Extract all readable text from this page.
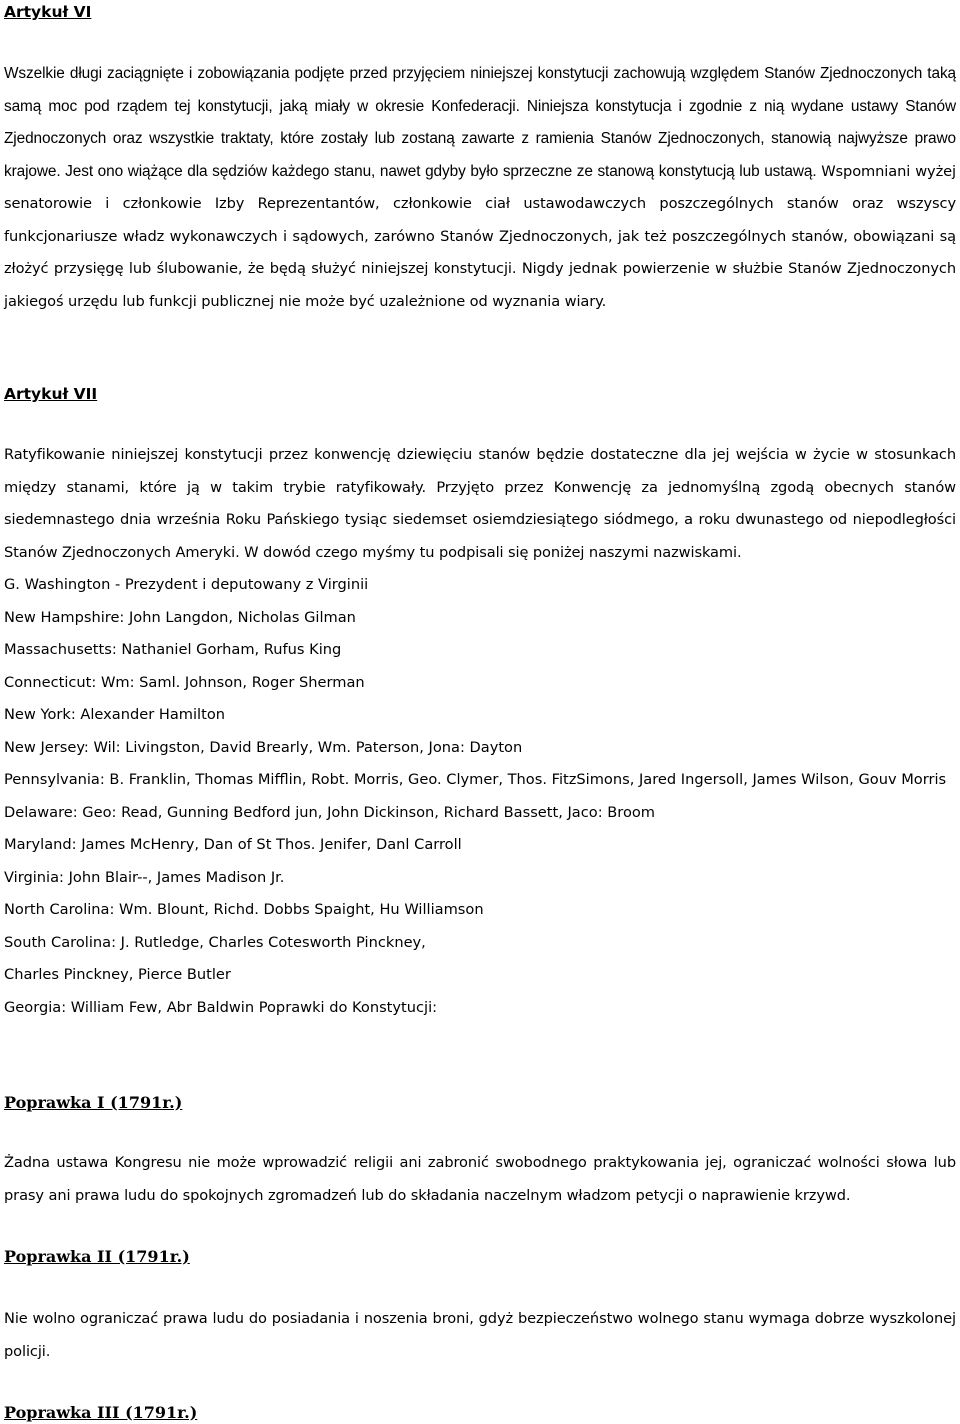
Artykuł VI
Wszelkie długi zaciągnięte i zobowiązania podjęte przed przyjęciem niniejszej konstytucji zachowują względem Stanów Zjednoczonych taką samą moc pod rządem tej konstytucji, jaką miały w okresie Konfederacji. Niniejsza konstytucja i zgodnie z nią wydane ustawy Stanów Zjednoczonych oraz wszystkie traktaty, które zostały lub zostaną zawarte z ramienia Stanów Zjednoczonych, stanowią najwyższe prawo krajowe. Jest ono wiążące dla sędziów każdego stanu, nawet gdyby było sprzeczne ze stanową konstytucją lub ustawą. Wspomniani wyżej senatorowie i członkowie Izby Reprezentantów, członkowie ciał ustawodawczych poszczególnych stanów oraz wszyscy funkcjonariusze władz wykonawczych i sądowych, zarówno Stanów Zjednoczonych, jak też poszczególnych stanów, obowiązani są złożyć przysięgę lub ślubowanie, że będą służyć niniejszej konstytucji. Nigdy jednak powierzenie w służbie Stanów Zjednoczonych jakiegoś urzędu lub funkcji publicznej nie może być uzależnione od wyznania wiary.
Artykuł VII
Ratyfikowanie niniejszej konstytucji przez konwencję dziewięciu stanów będzie dostateczne dla jej wejścia w życie w stosunkach między stanami, które ją w takim trybie ratyfikowały. Przyjęto przez Konwencję za jednomyślną zgodą obecnych stanów siedemnastego dnia września Roku Pańskiego tysiąc siedemset osiemdziesiątego siódmego, a roku dwunastego od niepodległości Stanów Zjednoczonych Ameryki. W dowód czego myśmy tu podpisali się poniżej naszymi nazwiskami.
G. Washington - Prezydent i deputowany z Virginii
New Hampshire: John Langdon, Nicholas Gilman
Massachusetts: Nathaniel Gorham, Rufus King
Connecticut: Wm: Saml. Johnson, Roger Sherman
New York: Alexander Hamilton
New Jersey: Wil: Livingston, David Brearly, Wm. Paterson, Jona: Dayton
Pennsylvania: B. Franklin, Thomas Mifflin, Robt. Morris, Geo. Clymer, Thos. FitzSimons, Jared Ingersoll, James Wilson, Gouv Morris
Delaware: Geo: Read, Gunning Bedford jun, John Dickinson, Richard Bassett, Jaco: Broom
Maryland: James McHenry, Dan of St Thos. Jenifer, Danl Carroll
Virginia: John Blair--, James Madison Jr.
North Carolina: Wm. Blount, Richd. Dobbs Spaight, Hu Williamson
South Carolina: J. Rutledge, Charles Cotesworth Pinckney,
Charles Pinckney, Pierce Butler
Georgia: William Few, Abr Baldwin Poprawki do Konstytucji:
Poprawka I (1791r.)
Żadna ustawa Kongresu nie może wprowadzić religii ani zabronić swobodnego praktykowania jej, ograniczać wolności słowa lub prasy ani prawa ludu do spokojnych zgromadzeń lub do składania naczelnym władzom petycji o naprawienie krzywd.
Poprawka II (1791r.)
Nie wolno ograniczać prawa ludu do posiadania i noszenia broni, gdyż bezpieczeństwo wolnego stanu wymaga dobrze wyszkolonej policji.
Poprawka III (1791r.)
